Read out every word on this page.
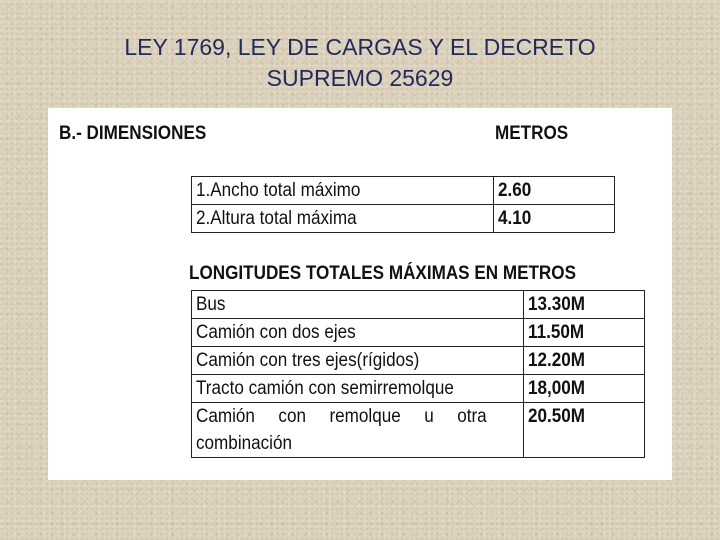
LEY 1769, LEY DE CARGAS Y EL DECRETO
SUPREMO 25629
B.- DIMENSIONES	METROS
1.Ancho total máximo	2.60
2.Altura total máxima	4.10
LONGITUDES TOTALES MÁXIMAS EN METROS
Bus	13.30M
Camión con dos ejes	11.50M
Camión con tres ejes(rígidos)	12.20M
Tracto camión con semirremolque	18,00M
Camión con remolque u otra
combinación	20.50M
